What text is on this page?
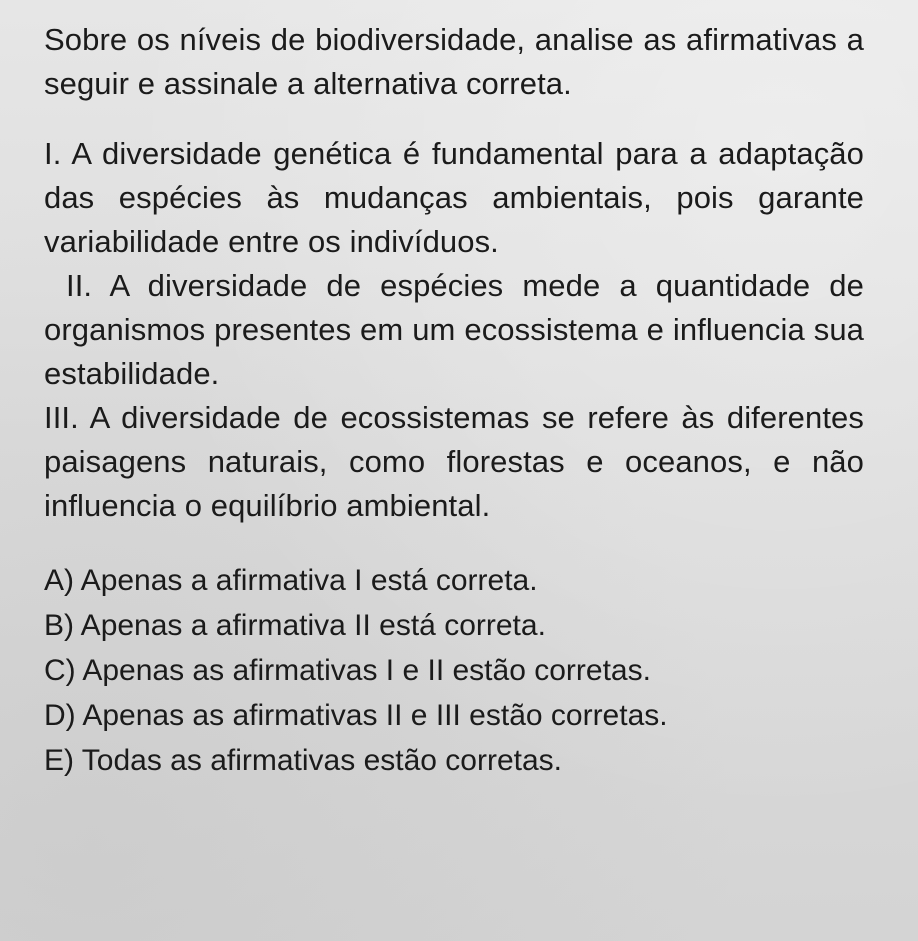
Sobre os níveis de biodiversidade, analise as afirmativas a seguir e assinale a alternativa correta.

I. A diversidade genética é fundamental para a adaptação das espécies às mudanças ambientais, pois garante variabilidade entre os indivíduos.

II. A diversidade de espécies mede a quantidade de organismos presentes em um ecossistema e influencia sua estabilidade.

III. A diversidade de ecossistemas se refere às diferentes paisagens naturais, como florestas e oceanos, e não influencia o equilíbrio ambiental.

A) Apenas a afirmativa I está correta.
B) Apenas a afirmativa II está correta.
C) Apenas as afirmativas I e II estão corretas.
D) Apenas as afirmativas II e III estão corretas.
E) Todas as afirmativas estão corretas.
